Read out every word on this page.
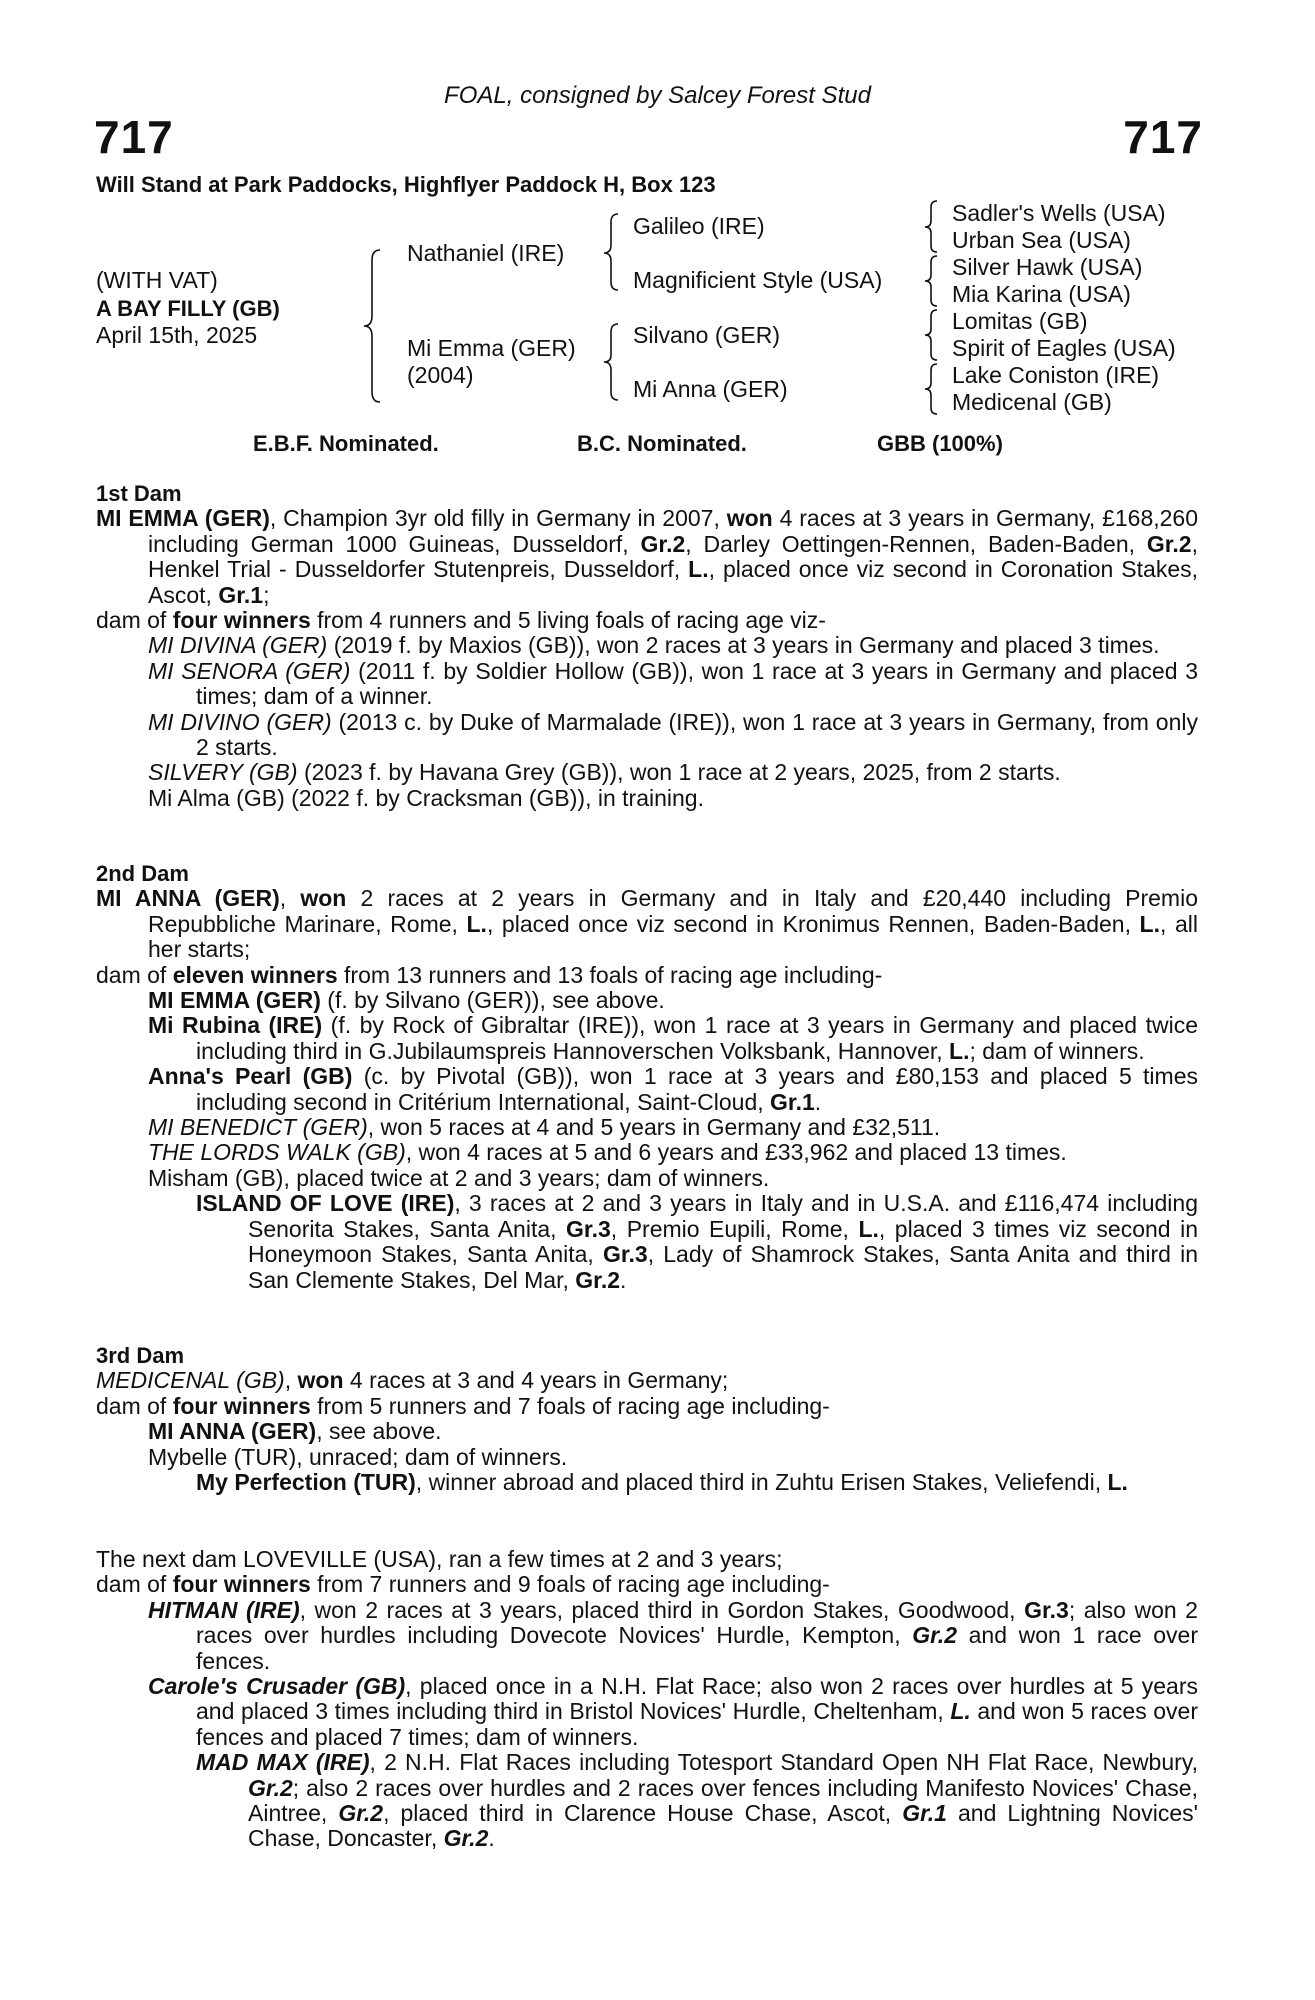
FOAL, consigned by Salcey Forest Stud
717	717
Will Stand at Park Paddocks, Highflyer Paddock H, Box 123
(WITH VAT)
A BAY FILLY (GB)
April 15th, 2025
Nathaniel (IRE)
Mi Emma (GER)
(2004)
Galileo (IRE)
Magnificient Style (USA)
Silvano (GER)
Mi Anna (GER)
Sadler's Wells (USA)
Urban Sea (USA)
Silver Hawk (USA)
Mia Karina (USA)
Lomitas (GB)
Spirit of Eagles (USA)
Lake Coniston (IRE)
Medicenal (GB)
E.B.F. Nominated.	B.C. Nominated.	GBB (100%)
1st Dam

MI EMMA (GER), Champion 3yr old filly in Germany in 2007, won 4 races at 3 years in Germany, £168,260 including German 1000 Guineas, Dusseldorf, Gr.2, Darley Oettingen-Rennen, Baden-Baden, Gr.2, Henkel Trial - Dusseldorfer Stutenpreis, Dusseldorf, L., placed once viz second in Coronation Stakes, Ascot, Gr.1;

dam of four winners from 4 runners and 5 living foals of racing age viz-

MI DIVINA (GER) (2019 f. by Maxios (GB)), won 2 races at 3 years in Germany and placed 3 times.

MI SENORA (GER) (2011 f. by Soldier Hollow (GB)), won 1 race at 3 years in Germany and placed 3 times; dam of a winner.

MI DIVINO (GER) (2013 c. by Duke of Marmalade (IRE)), won 1 race at 3 years in Germany, from only 2 starts.

SILVERY (GB) (2023 f. by Havana Grey (GB)), won 1 race at 2 years, 2025, from 2 starts.

Mi Alma (GB) (2022 f. by Cracksman (GB)), in training.

2nd Dam

MI ANNA (GER), won 2 races at 2 years in Germany and in Italy and £20,440 including Premio Repubbliche Marinare, Rome, L., placed once viz second in Kronimus Rennen, Baden-Baden, L., all her starts;

dam of eleven winners from 13 runners and 13 foals of racing age including-

MI EMMA (GER) (f. by Silvano (GER)), see above.

Mi Rubina (IRE) (f. by Rock of Gibraltar (IRE)), won 1 race at 3 years in Germany and placed twice including third in G.Jubilaumspreis Hannoverschen Volksbank, Hannover, L.; dam of winners.

Anna's Pearl (GB) (c. by Pivotal (GB)), won 1 race at 3 years and £80,153 and placed 5 times including second in Critérium International, Saint-Cloud, Gr.1.

MI BENEDICT (GER), won 5 races at 4 and 5 years in Germany and £32,511.

THE LORDS WALK (GB), won 4 races at 5 and 6 years and £33,962 and placed 13 times.

Misham (GB), placed twice at 2 and 3 years; dam of winners.

ISLAND OF LOVE (IRE), 3 races at 2 and 3 years in Italy and in U.S.A. and £116,474 including Senorita Stakes, Santa Anita, Gr.3, Premio Eupili, Rome, L., placed 3 times viz second in Honeymoon Stakes, Santa Anita, Gr.3, Lady of Shamrock Stakes, Santa Anita and third in San Clemente Stakes, Del Mar, Gr.2.

3rd Dam

MEDICENAL (GB), won 4 races at 3 and 4 years in Germany;

dam of four winners from 5 runners and 7 foals of racing age including-

MI ANNA (GER), see above.

Mybelle (TUR), unraced; dam of winners.

My Perfection (TUR), winner abroad and placed third in Zuhtu Erisen Stakes, Veliefendi, L.

The next dam LOVEVILLE (USA), ran a few times at 2 and 3 years;

dam of four winners from 7 runners and 9 foals of racing age including-

HITMAN (IRE), won 2 races at 3 years, placed third in Gordon Stakes, Goodwood, Gr.3; also won 2 races over hurdles including Dovecote Novices' Hurdle, Kempton, Gr.2 and won 1 race over fences.

Carole's Crusader (GB), placed once in a N.H. Flat Race; also won 2 races over hurdles at 5 years and placed 3 times including third in Bristol Novices' Hurdle, Cheltenham, L. and won 5 races over fences and placed 7 times; dam of winners.

MAD MAX (IRE), 2 N.H. Flat Races including Totesport Standard Open NH Flat Race, Newbury, Gr.2; also 2 races over hurdles and 2 races over fences including Manifesto Novices' Chase, Aintree, Gr.2, placed third in Clarence House Chase, Ascot, Gr.1 and Lightning Novices' Chase, Doncaster, Gr.2.
